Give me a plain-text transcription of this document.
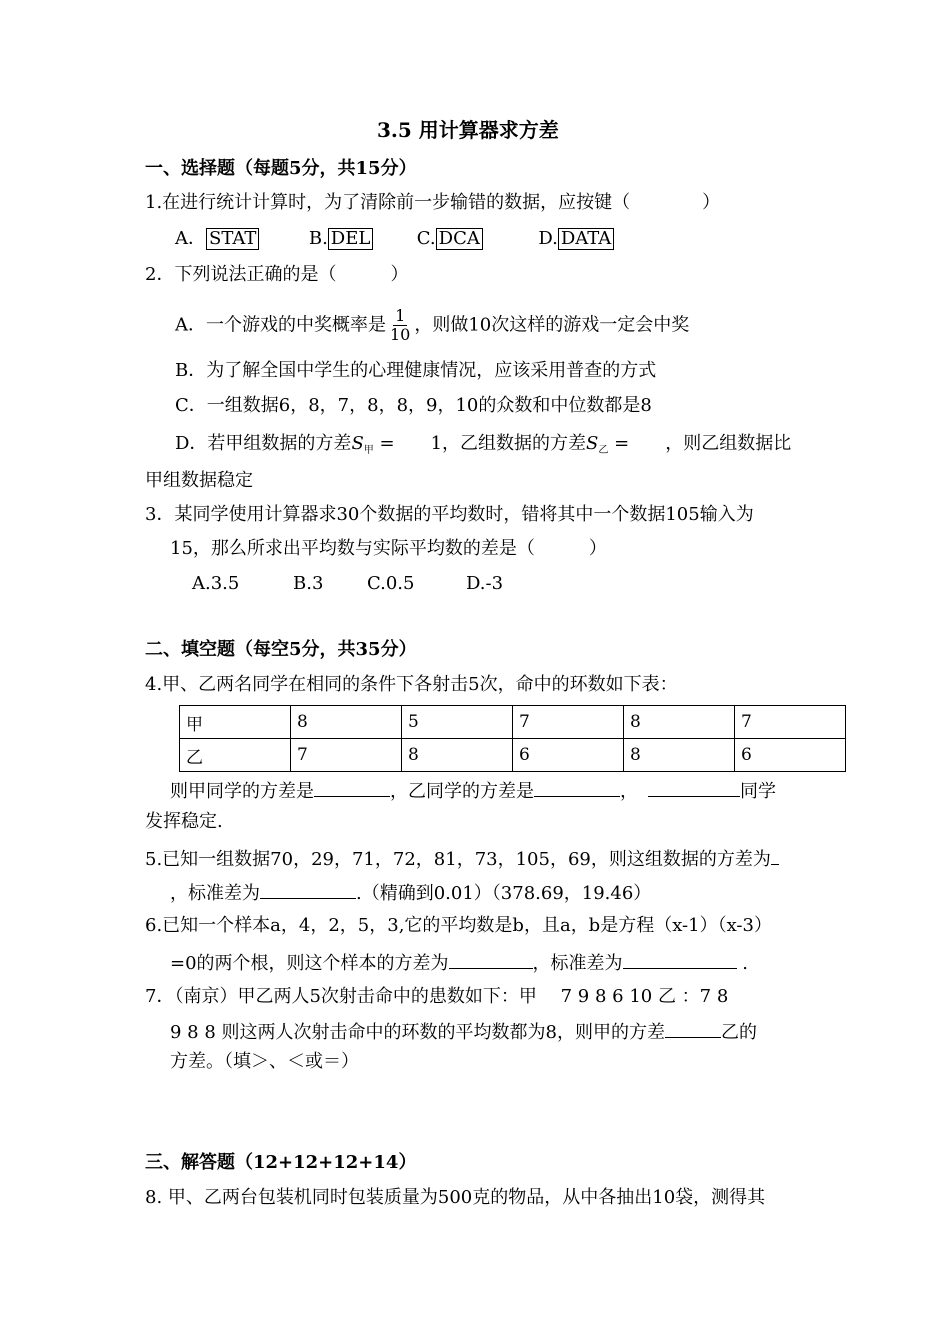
3.5 用计算器求方差
一、选择题（每题5分，共15分）
1.在进行统计计算时，为了清除前一步输错的数据，应按键（　　　　）
A． STAT	B. DEL	C. DCA	D. DATA
2．下列说法正确的是（　　　）
A．一个游戏的中奖概率是 $\frac{1}{10}$ ，则做10次这样的游戏一定会中奖
B．为了解全国中学生的心理健康情况，应该采用普查的方式
C．一组数据6，8，7，8，8，9，10的众数和中位数都是8
D．若甲组数据的方差$S_甲$ =　　1，乙组数据的方差$S_乙$ =　　，则乙组数据比
甲组数据稳定
3．某同学使用计算器求30个数据的平均数时，错将其中一个数据105输入为
15，那么所求出平均数与实际平均数的差是（　　　）
A.3.5	B.3 C.0.5	D.-3
二、填空题（每空5分，共35分）
4.甲、乙两名同学在相同的条件下各射击5次，命中的环数如下表：
甲	8	5	7	8	7
乙	7	8	6	8	6
则甲同学的方差是	，乙同学的方差是	，	同学
发挥稳定.
5.已知一组数据70，29，71，72，81，73，105，69，则这组数据的方差为
，标准差为	.（精确到0.01）（378.69，19.46）
6.已知一个样本a，4，2，5，3,它的平均数是b，且a，b是方程（x-1）（x-3）
=0的两个根，则这个样本的方差为	，标准差为	.
7．（南京）甲乙两人5次射击命中的患数如下：甲　 7 9 8 6 10 乙 ：7 8
9 8 8 则这两人次射击命中的环数的平均数都为8，则甲的方差	乙的
方差。（填＞、＜或＝）
三、解答题（12+12+12+14）
8. 甲、乙两台包装机同时包装质量为500克的物品，从中各抽出10袋，测得其
